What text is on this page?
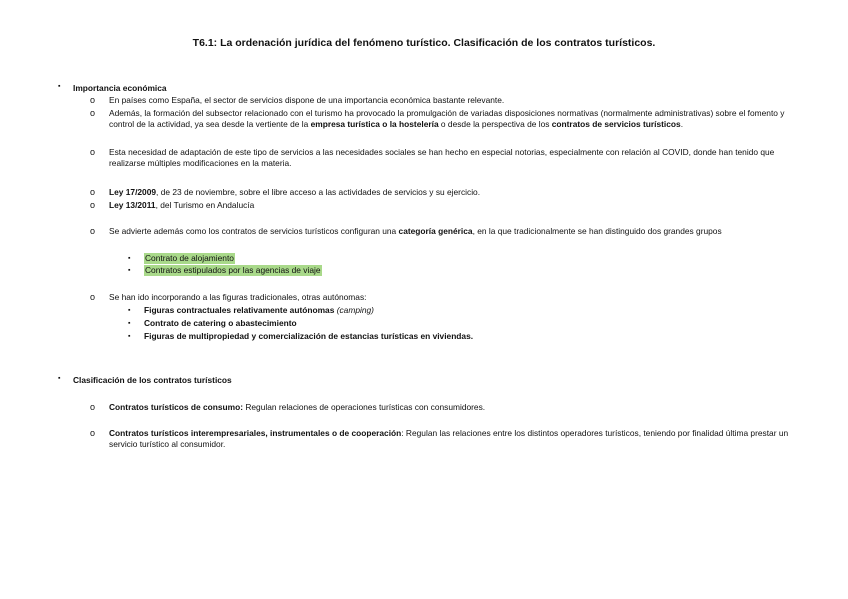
T6.1: La ordenación jurídica del fenómeno turístico. Clasificación de los contratos turísticos.
▪ Importancia económica
o En países como España, el sector de servicios dispone de una importancia económica bastante relevante.
o Además, la formación del subsector relacionado con el turismo ha provocado la promulgación de variadas disposiciones normativas (normalmente administrativas) sobre el fomento y control de la actividad, ya sea desde la vertiente de la empresa turística o la hostelería o desde la perspectiva de los contratos de servicios turísticos.
o Esta necesidad de adaptación de este tipo de servicios a las necesidades sociales se han hecho en especial notorias, especialmente con relación al COVID, donde han tenido que realizarse múltiples modificaciones en la materia.
o Ley 17/2009, de 23 de noviembre, sobre el libre acceso a las actividades de servicios y su ejercicio.
o Ley 13/2011, del Turismo en Andalucía
o Se advierte además como los contratos de servicios turísticos configuran una categoría genérica, en la que tradicionalmente se han distinguido dos grandes grupos
▪ Contrato de alojamiento
▪ Contratos estipulados por las agencias de viaje
o Se han ido incorporando a las figuras tradicionales, otras autónomas:
▪ Figuras contractuales relativamente autónomas (camping)
▪ Contrato de catering o abastecimiento
▪ Figuras de multipropiedad y comercialización de estancias turísticas en viviendas.
▪ Clasificación de los contratos turísticos
o Contratos turísticos de consumo: Regulan relaciones de operaciones turísticas con consumidores.
o Contratos turísticos interempresariales, instrumentales o de cooperación: Regulan las relaciones entre los distintos operadores turísticos, teniendo por finalidad última prestar un servicio turístico al consumidor.
